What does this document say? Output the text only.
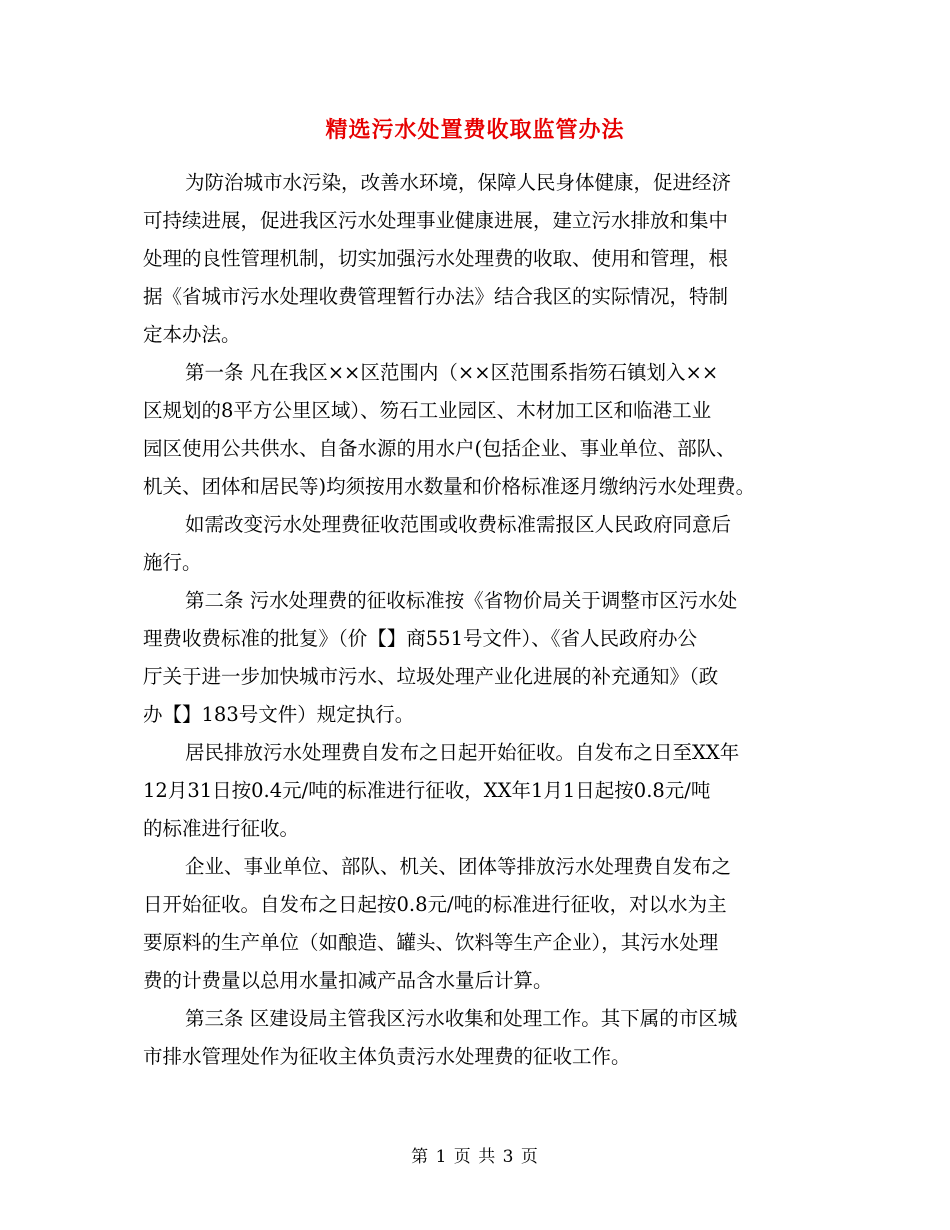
精选污水处置费收取监管办法

为防治城市水污染，改善水环境，保障人民身体健康，促进经济
可持续进展，促进我区污水处理事业健康进展，建立污水排放和集中
处理的良性管理机制，切实加强污水处理费的收取、使用和管理，根
据《省城市污水处理收费管理暂行办法》结合我区的实际情况，特制
定本办法。

第一条 凡在我区××区范围内（××区范围系指笏石镇划入××
区规划的8平方公里区域）、笏石工业园区、木材加工区和临港工业
园区使用公共供水、自备水源的用水户(包括企业、事业单位、部队、
机关、团体和居民等)均须按用水数量和价格标准逐月缴纳污水处理费。

如需改变污水处理费征收范围或收费标准需报区人民政府同意后
施行。

第二条 污水处理费的征收标准按《省物价局关于调整市区污水处
理费收费标准的批复》（价【】商551号文件）、《省人民政府办公
厅关于进一步加快城市污水、垃圾处理产业化进展的补充通知》（政
办【】183号文件）规定执行。

居民排放污水处理费自发布之日起开始征收。自发布之日至XX年
12月31日按0.4元/吨的标准进行征收，XX年1月1日起按0.8元/吨
的标准进行征收。

企业、事业单位、部队、机关、团体等排放污水处理费自发布之
日开始征收。自发布之日起按0.8元/吨的标准进行征收，对以水为主
要原料的生产单位（如酿造、罐头、饮料等生产企业），其污水处理
费的计费量以总用水量扣减产品含水量后计算。

第三条 区建设局主管我区污水收集和处理工作。其下属的市区城
市排水管理处作为征收主体负责污水处理费的征收工作。

第 1 页 共 3 页
